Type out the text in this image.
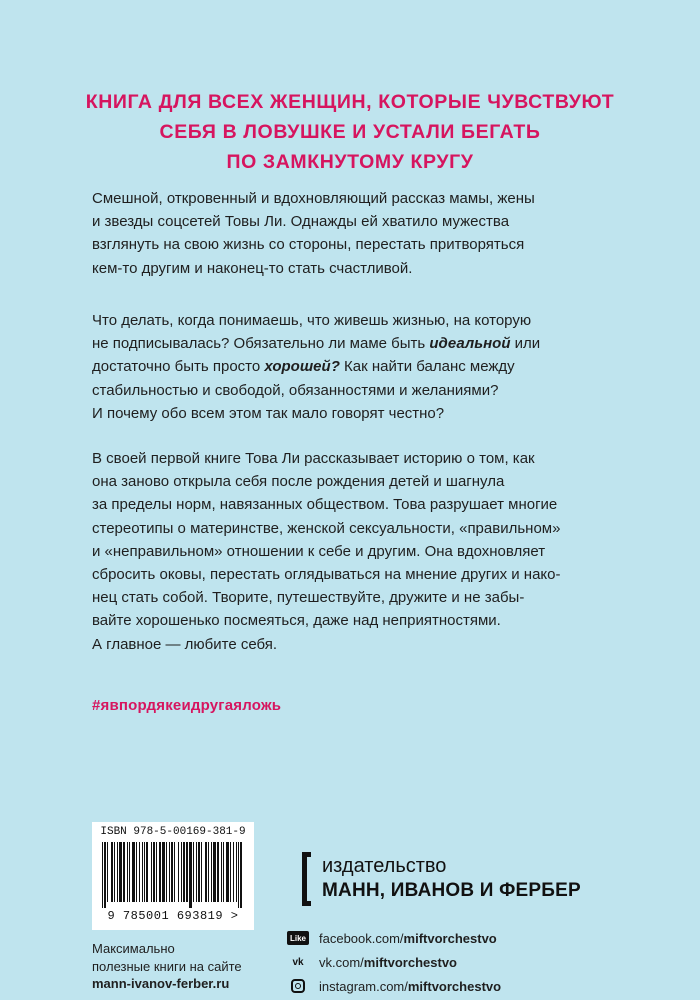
КНИГА ДЛЯ ВСЕХ ЖЕНЩИН, КОТОРЫЕ ЧУВСТВУЮТ
СЕБЯ В ЛОВУШКЕ И УСТАЛИ БЕГАТЬ
ПО ЗАМКНУТОМУ КРУГУ
Смешной, откровенный и вдохновляющий рассказ мамы, жены
и звезды соцсетей Товы Ли. Однажды ей хватило мужества
взглянуть на свою жизнь со стороны, перестать притворяться
кем-то другим и наконец-то стать счастливой.
Что делать, когда понимаешь, что живешь жизнью, на которую
не подписывалась? Обязательно ли маме быть идеальной или
достаточно быть просто хорошей? Как найти баланс между
стабильностью и свободой, обязанностями и желаниями?
И почему обо всем этом так мало говорят честно?
В своей первой книге Това Ли рассказывает историю о том, как
она заново открыла себя после рождения детей и шагнула
за пределы норм, навязанных обществом. Това разрушает многие
стереотипы о материнстве, женской сексуальности, «правильном»
и «неправильном» отношении к себе и другим. Она вдохновляет
сбросить оковы, перестать оглядываться на мнение других и нако-
нец стать собой. Творите, путешествуйте, дружите и не забы-
вайте хорошенько посмеяться, даже над неприятностями.
А главное — любите себя.
#явпордякеидругаяложь
ISBN 978-5-00169-381-9
9 785001 693819 >
издательство
МАНН, ИВАНОВ И ФЕРБЕР
Максимально
полезные книги на сайте
mann-ivanov-ferber.ru
Like facebook.com/ miftvorchestvo
vk vk.com/ miftvorchestvo
instagram.com/ miftvorchestvo
